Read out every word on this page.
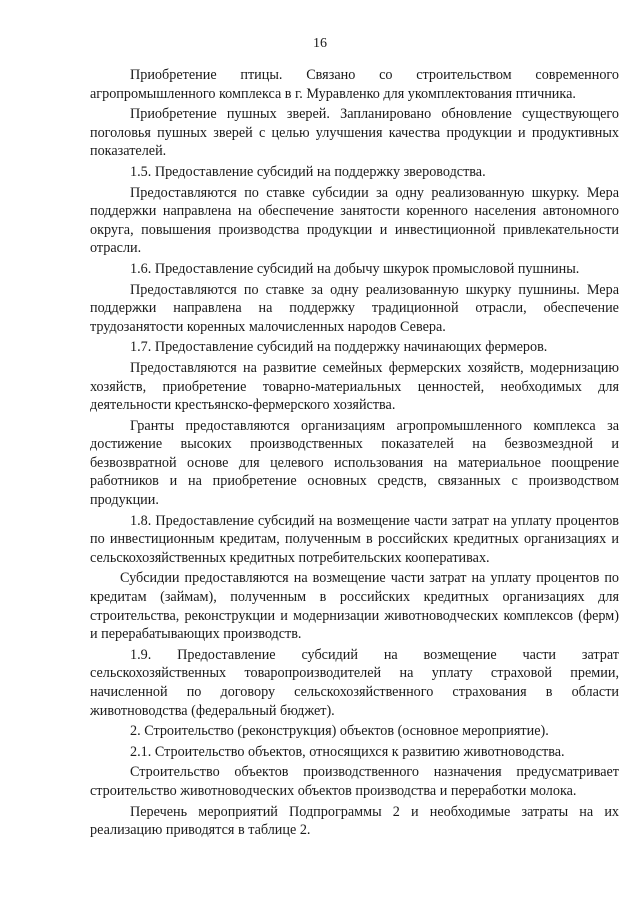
16

Приобретение птицы. Связано со строительством современного агропромышленного комплекса в г. Муравленко для укомплектования птичника.

Приобретение пушных зверей. Запланировано обновление существующего поголовья пушных зверей с целью улучшения качества продукции и продуктивных показателей.

1.5. Предоставление субсидий на поддержку звероводства.

Предоставляются по ставке субсидии за одну реализованную шкурку. Мера поддержки направлена на обеспечение занятости коренного населения автономного округа, повышения производства продукции и инвестиционной привлекательности отрасли.

1.6. Предоставление субсидий на добычу шкурок промысловой пушнины.

Предоставляются по ставке за одну реализованную шкурку пушнины. Мера поддержки направлена на поддержку традиционной отрасли, обеспечение трудозанятости коренных малочисленных народов Севера.

1.7. Предоставление субсидий на поддержку начинающих фермеров.

Предоставляются на развитие семейных фермерских хозяйств, модернизацию хозяйств, приобретение товарно-материальных ценностей, необходимых для деятельности крестьянско-фермерского хозяйства.

Гранты предоставляются организациям агропромышленного комплекса за достижение высоких производственных показателей на безвозмездной и безвозвратной основе для целевого использования на материальное поощрение работников и на приобретение основных средств, связанных с производством продукции.

1.8. Предоставление субсидий на возмещение части затрат на уплату процентов по инвестиционным кредитам, полученным в российских кредитных организациях и сельскохозяйственных кредитных потребительских кооперативах.

Субсидии предоставляются на возмещение части затрат на уплату процентов по кредитам (займам), полученным в российских кредитных организациях для строительства, реконструкции и модернизации животноводческих комплексов (ферм) и перерабатывающих производств.

1.9. Предоставление субсидий на возмещение части затрат сельскохозяйственных товаропроизводителей на уплату страховой премии, начисленной по договору сельскохозяйственного страхования в области животноводства (федеральный бюджет).

2. Строительство (реконструкция) объектов (основное мероприятие).

2.1. Строительство объектов, относящихся к развитию животноводства.

Строительство объектов производственного назначения предусматривает строительство животноводческих объектов производства и переработки молока.

Перечень мероприятий Подпрограммы 2 и необходимые затраты на их реализацию приводятся в таблице 2.
